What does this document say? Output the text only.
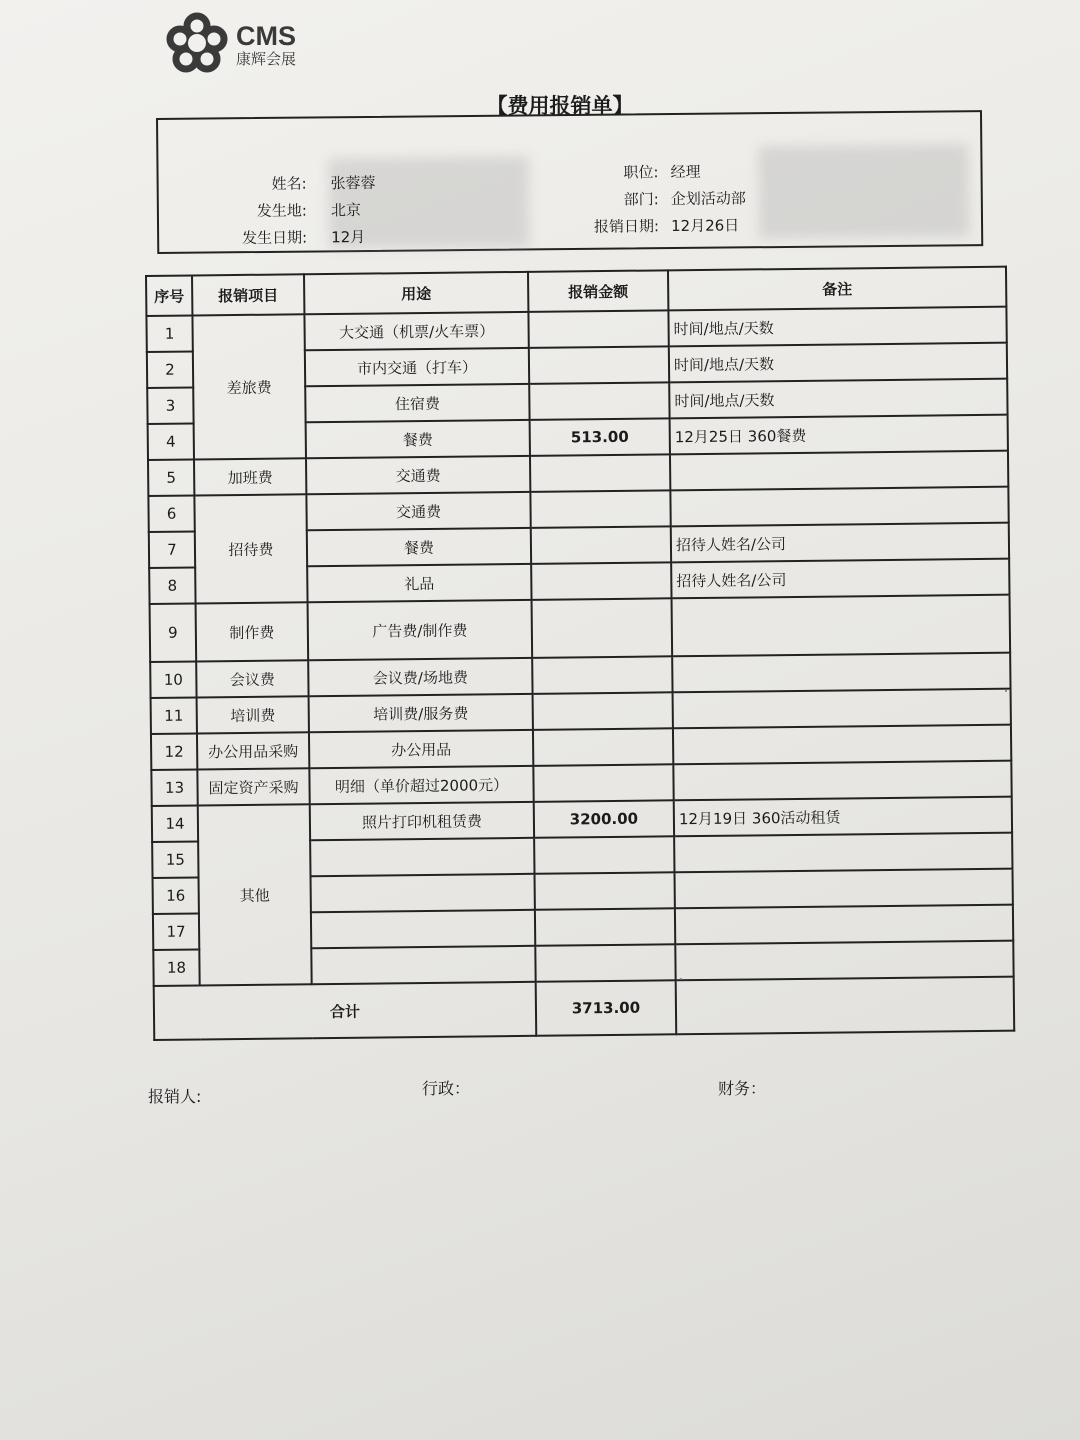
CMS
康辉会展
【费用报销单】
姓名: 张蓉蓉
发生地: 北京
发生日期: 12月
职位: 经理
部门: 企划活动部
报销日期: 12月26日
序号	报销项目	用途	报销金额	备注
1	差旅费	大交通（机票/火车票）		时间/地点/天数
2		市内交通（打车）		时间/地点/天数
3		住宿费		时间/地点/天数
4		餐费	513.00	12月25日 360餐费
5	加班费	交通费		
6	招待费	交通费		
7		餐费		招待人姓名/公司
8		礼品		招待人姓名/公司
9	制作费	广告费/制作费		
10	会议费	会议费/场地费		
11	培训费	培训费/服务费		
12	办公用品采购	办公用品		
13	固定资产采购	明细（单价超过2000元）		
14	其他	照片打印机租赁费	3200.00	12月19日 360活动租赁
15				
16				
17				
18				
合计			3713.00	
报销人:	行政：	财务：
